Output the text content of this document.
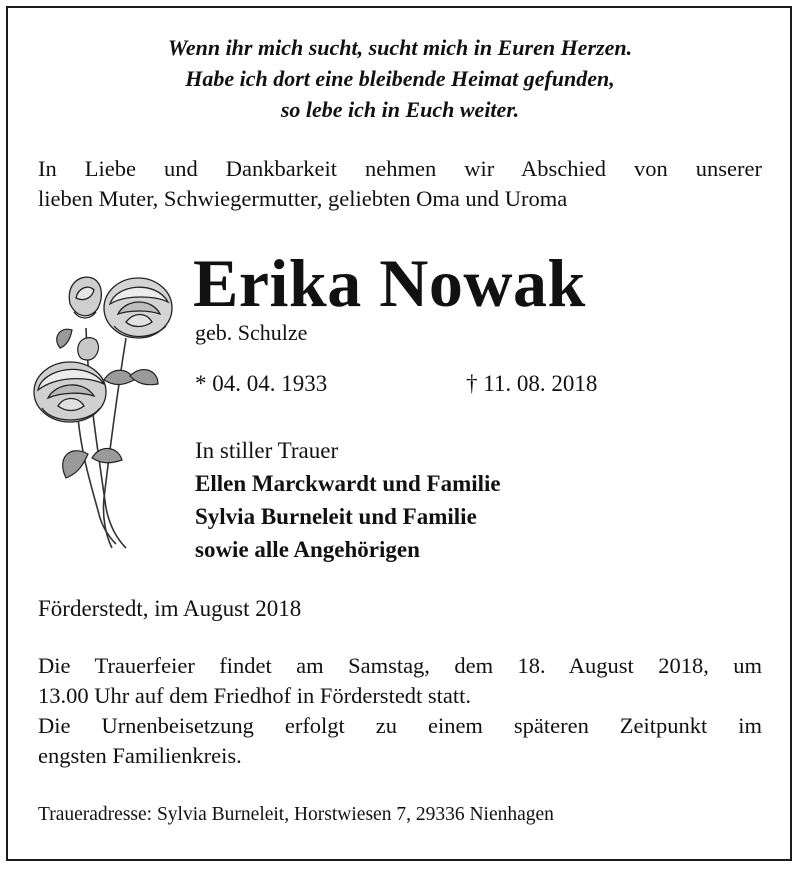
Wenn ihr mich sucht, sucht mich in Euren Herzen.
Habe ich dort eine bleibende Heimat gefunden,
so lebe ich in Euch weiter.
In Liebe und Dankbarkeit nehmen wir Abschied von unserer
lieben Muter, Schwiegermutter, geliebten Oma und Uroma
Erika Nowak
geb. Schulze
* 04. 04. 1933	† 11. 08. 2018
In stiller Trauer
Ellen Marckwardt und Familie
Sylvia Burneleit und Familie
sowie alle Angehörigen
Förderstedt, im August 2018
Die Trauerfeier findet am Samstag, dem 18. August 2018, um
13.00 Uhr auf dem Friedhof in Förderstedt statt.
Die Urnenbeisetzung erfolgt zu einem späteren Zeitpunkt im
engsten Familienkreis.
Traueradresse: Sylvia Burneleit, Horstwiesen 7, 29336 Nienhagen
